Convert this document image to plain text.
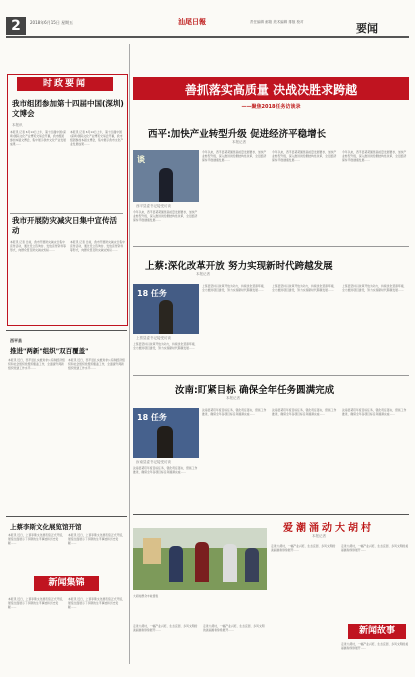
2	2018年6月15日 星期五	汕尾日報	责任编辑 邮箱 美术编辑 排版 校对	要闻
时政要闻
我市组团参加第十四届中国(深圳)文博会
本报讯
本报讯 记者 6月14日上午，第十四届中国(深圳)国际文化产业博览交易会开幕，我市组团参加本届文博会，集中展示我市文化产业发展成果……
本报讯 记者 6月14日上午，第十四届中国(深圳)国际文化产业博览交易会开幕，我市组团参加本届文博会，集中展示我市文化产业发展成果……
我市开展防灾减灾日集中宣传活动
本报讯 记者 日前，我市开展防灾减灾日集中宣传活动，通过设立咨询台、发放宣传资料等形式，向群众普及防灾减灾知识……
本报讯 记者 日前，我市开展防灾减灾日集中宣传活动，通过设立咨询台、发放宣传资料等形式，向群众普及防灾减灾知识……
西平县
推进"两新"组织"双百覆盖"
本报讯 近日，西平县扎实推进非公有制经济组织和社会组织党组织覆盖工作，全面提升两新组织党建工作水平……
本报讯 近日，西平县扎实推进非公有制经济组织和社会组织党组织覆盖工作，全面提升两新组织党建工作水平……
上蔡李斯文化展览馆开馆
本报讯 近日，上蔡李斯文化展览馆正式开馆，展馆全面展示了李斯的生平事迹和历史贡献……
本报讯 近日，上蔡李斯文化展览馆正式开馆，展馆全面展示了李斯的生平事迹和历史贡献……
新闻集锦
本报讯 近日，上蔡李斯文化展览馆正式开馆，展馆全面展示了李斯的生平事迹和历史贡献……
本报讯 近日，上蔡李斯文化展览馆正式开馆，展馆全面展示了李斯的生平事迹和历史贡献……
善抓落实高质量 决战决胜求跨越
——聚焦2018任务访谈录
西平:加快产业转型升级 促进经济平稳增长
本报记者
谈
西平县委书记接受访谈
今年以来，西平县紧紧围绕高质量发展要求，加快产业转型升级，深入推进供给侧结构性改革，全县经济保持平稳健康发展……
今年以来，西平县紧紧围绕高质量发展要求，加快产业转型升级，深入推进供给侧结构性改革，全县经济保持平稳健康发展……
今年以来，西平县紧紧围绕高质量发展要求，加快产业转型升级，深入推进供给侧结构性改革，全县经济保持平稳健康发展……
今年以来，西平县紧紧围绕高质量发展要求，加快产业转型升级，深入推进供给侧结构性改革，全县经济保持平稳健康发展……
上蔡:深化改革开放 努力实现新时代跨越发展
本报记者
18 任务
上蔡县委书记接受访谈
上蔡县坚持以改革开放为动力，持续优化营商环境，全力推进项目建设，努力实现新时代跨越发展……
上蔡县坚持以改革开放为动力，持续优化营商环境，全力推进项目建设，努力实现新时代跨越发展……
上蔡县坚持以改革开放为动力，持续优化营商环境，全力推进项目建设，努力实现新时代跨越发展……
上蔡县坚持以改革开放为动力，持续优化营商环境，全力推进项目建设，努力实现新时代跨越发展……
汝南:盯紧目标 确保全年任务圆满完成
本报记者
18 任务
汝南县委书记接受访谈
汝南县紧盯年度目标任务，强化责任落实，狠抓工作推进，确保全年各项目标任务圆满完成……
汝南县紧盯年度目标任务，强化责任落实，狠抓工作推进，确保全年各项目标任务圆满完成……
汝南县紧盯年度目标任务，强化责任落实，狠抓工作推进，确保全年各项目标任务圆满完成……
汝南县紧盯年度目标任务，强化责任落实，狠抓工作推进，确保全年各项目标任务圆满完成……
爱潮涌动大胡村
本报记者
大胡村群众丰收喜悦
走进大胡村，一幅产业兴旺、生态宜居、乡风文明的美丽画卷徐徐展开……
走进大胡村，一幅产业兴旺、生态宜居、乡风文明的美丽画卷徐徐展开……
走进大胡村，一幅产业兴旺、生态宜居、乡风文明的美丽画卷徐徐展开……
走进大胡村，一幅产业兴旺、生态宜居、乡风文明的美丽画卷徐徐展开……
新闻故事
走进大胡村，一幅产业兴旺、生态宜居、乡风文明的美丽画卷徐徐展开……
